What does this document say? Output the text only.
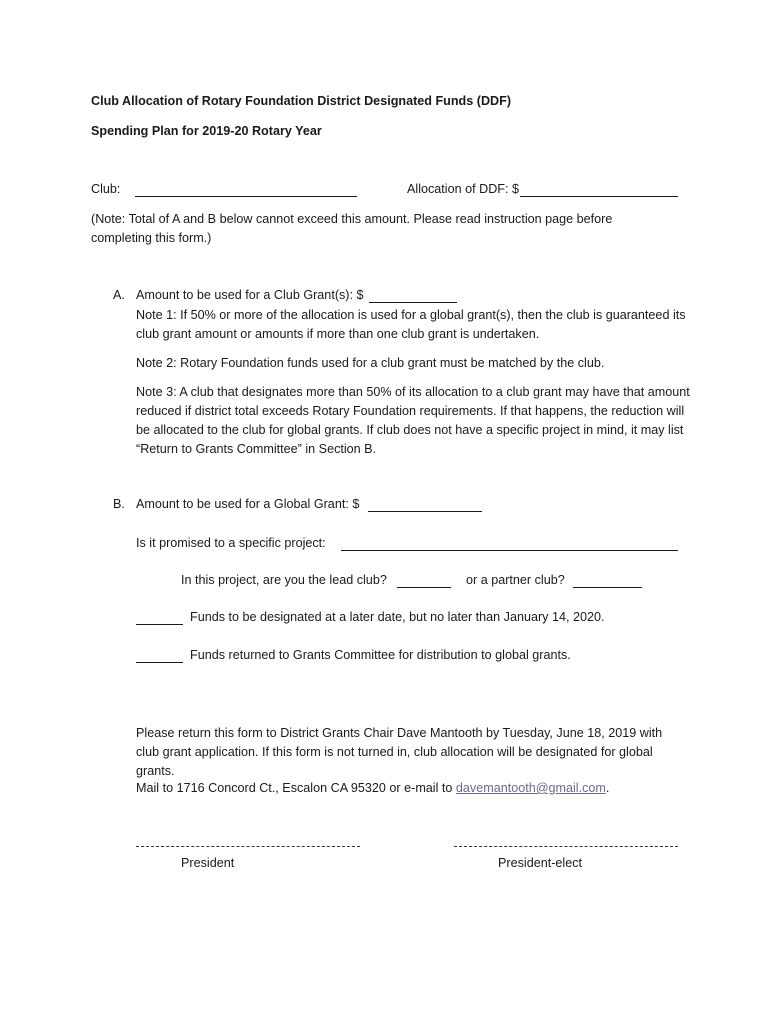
Club Allocation of Rotary Foundation District Designated Funds (DDF)
Spending Plan for 2019-20 Rotary Year
Club:	Allocation of DDF: $
(Note: Total of A and B below cannot exceed this amount. Please read instruction page before completing this form.)
A. Amount to be used for a Club Grant(s): $
Note 1: If 50% or more of the allocation is used for a global grant(s), then the club is guaranteed its club grant amount or amounts if more than one club grant is undertaken.
Note 2: Rotary Foundation funds used for a club grant must be matched by the club.
Note 3: A club that designates more than 50% of its allocation to a club grant may have that amount reduced if district total exceeds Rotary Foundation requirements. If that happens, the reduction will be allocated to the club for global grants. If club does not have a specific project in mind, it may list “Return to Grants Committee” in Section B.
B. Amount to be used for a Global Grant: $
Is it promised to a specific project:
In this project, are you the lead club?	or a partner club?
Funds to be designated at a later date, but no later than January 14, 2020.
Funds returned to Grants Committee for distribution to global grants.
Please return this form to District Grants Chair Dave Mantooth by Tuesday, June 18, 2019 with club grant application. If this form is not turned in, club allocation will be designated for global grants.
Mail to 1716 Concord Ct., Escalon CA 95320 or e-mail to davemantooth@gmail.com.
President	President-elect
